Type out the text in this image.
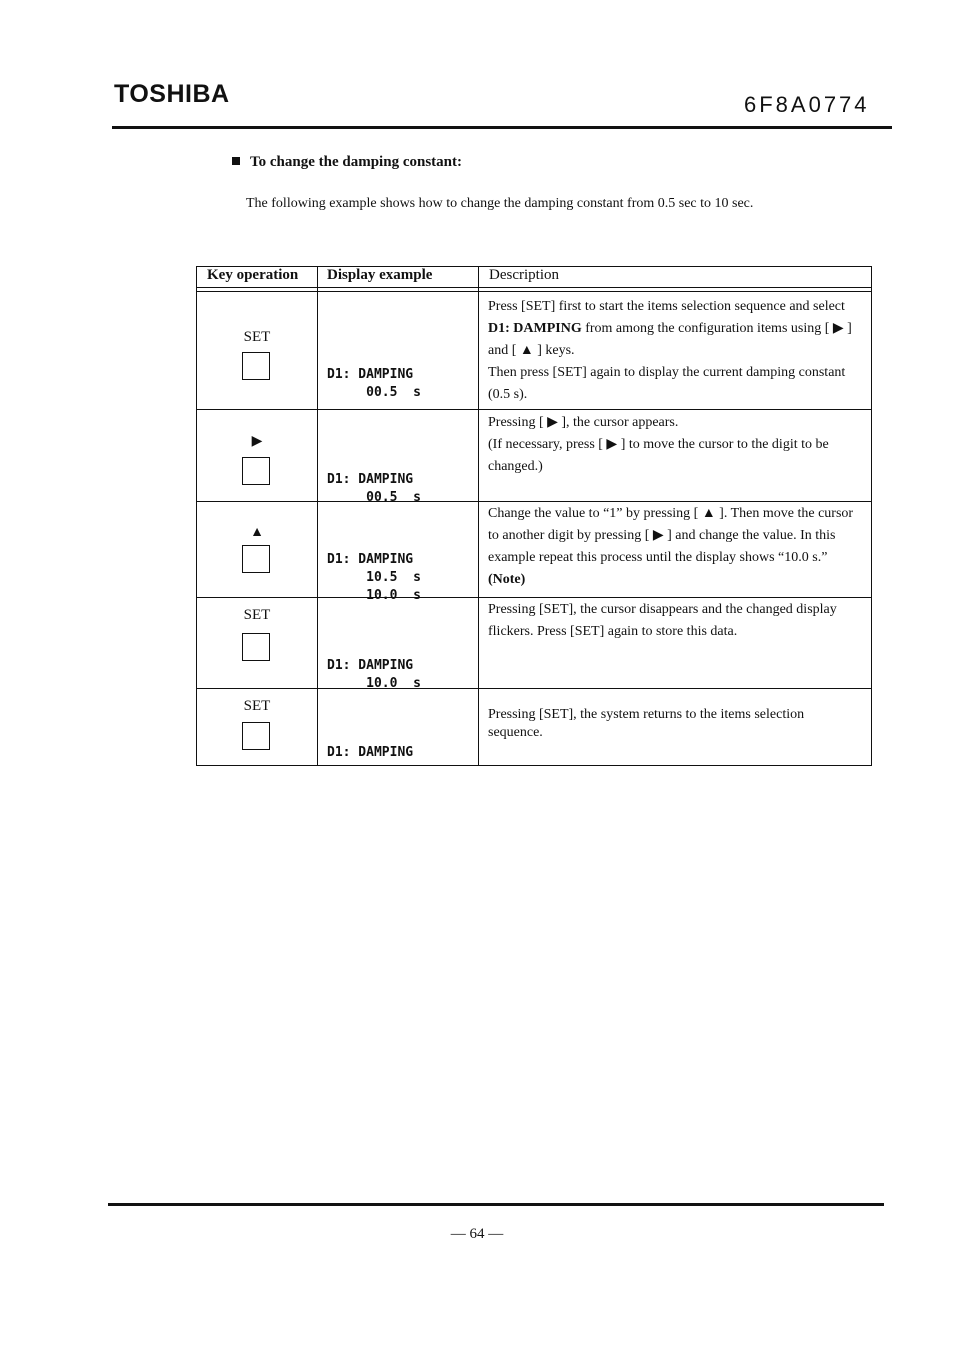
TOSHIBA	6F8A0774
To change the damping constant:
The following example shows how to change the damping constant from 0.5 sec to 10 sec.
Key operation Display example	Description
SET

D1: DAMPING
00.5  s

Press [SET] first to start the items selection sequence and select D1: DAMPING from among the configuration items using [ ▶ ] and [ ▲ ] keys.
Then press [SET] again to display the current damping constant (0.5 s).
▶

D1: DAMPING
00.5  s

Pressing [ ▶ ], the cursor appears.
(If necessary, press [ ▶ ] to move the cursor to the digit to be changed.)
▲

D1: DAMPING
10.5  s
10.0  s

Change the value to “1” by pressing [ ▲ ]. Then move the cursor to another digit by pressing [ ▶ ] and change the value. In this example repeat this process until the display shows “10.0 s.” (Note)
SET

D1: DAMPING
10.0  s

Pressing [SET], the cursor disappears and the changed display flickers. Press [SET] again to store this data.
SET

D1: DAMPING

Pressing [SET], the system returns to the items selection sequence.
— 64 —
